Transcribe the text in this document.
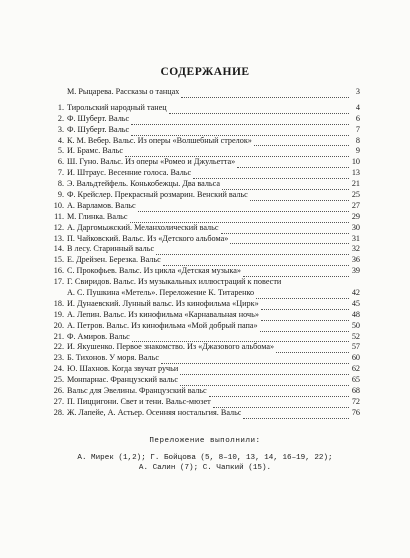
СОДЕРЖАНИЕ
М. Рыцарева. Рассказы о танцах	3
1. Тирольский народный танец	4
2. Ф. Шуберт. Вальс	6
3. Ф. Шуберт. Вальс	7
4. К. М. Вебер. Вальс. Из оперы «Волшебный стрелок»	8
5. И. Брамс. Вальс	9
6. Ш. Гуно. Вальс. Из оперы «Ромео и Джульетта»	10
7. И. Штраус. Весенние голоса. Вальс	13
8. Э. Вальдтейфель. Конькобежцы. Два вальса	21
9. Ф. Крейслер. Прекрасный розмарин. Венский вальс	25
10. А. Варламов. Вальс	27
11. М. Глинка. Вальс	29
12. А. Даргомыжский. Меланхолический вальс	30
13. П. Чайковский. Вальс. Из «Детского альбома»	31
14. В лесу. Старинный вальс	32
15. Е. Дрейзен. Березка. Вальс	36
16. С. Прокофьев. Вальс. Из цикла «Детская музыка»	39
17. Г. Свиридов. Вальс. Из музыкальных иллюстраций к повести
А. С. Пушкина «Метель». Переложение К. Титаренко	42
18. И. Дунаевский. Лунный вальс. Из кинофильма «Цирк»	45
19. А. Лепин. Вальс. Из кинофильма «Карнавальная ночь»	48
20. А. Петров. Вальс. Из кинофильма «Мой добрый папа»	50
21. Ф. Амиров. Вальс	52
22. И. Якушенко. Первое знакомство. Из «Джазового альбома»	57
23. Б. Тихонов. У моря. Вальс	60
24. Ю. Шахнов. Когда звучат ручьи	62
25. Монпарнас. Французский вальс	65
26. Вальс для Эвелины. Французский вальс	68
27. П. Пиццигони. Свет и тени. Вальс-мюзет	72
28. Ж. Лапейе, А. Астьер. Осенняя ностальгия. Вальс	76
Переложение выполнили:
А. Мирек (1,2); Г. Бойцова (5, 8–10, 13, 14, 16–19, 22);
А. Салин (7); С. Чапкий (15).
